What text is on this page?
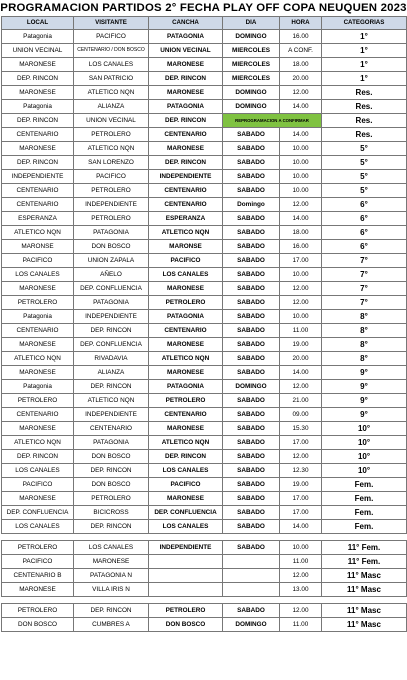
PROGRAMACION PARTIDOS 2° FECHA PLAY OFF COPA NEUQUEN 2023
LOCAL	VISITANTE	CANCHA	DIA	HORA	CATEGORIAS
Patagonia	PACIFICO	PATAGONIA	DOMINGO	16.00	1°
UNION VECINAL	CENTENARIO / DON BOSCO	UNION VECINAL	MIERCOLES	A CONF.	1°
MARONESE	LOS CANALES	MARONESE	MIERCOLES	18.00	1°
DEP. RINCON	SAN PATRICIO	DEP. RINCON	MIERCOLES	20.00	1°
MARONESE	ATLETICO NQN	MARONESE	DOMINGO	12.00	Res.
Patagonia	ALIANZA	PATAGONIA	DOMINGO	14.00	Res.
DEP. RINCON	UNION VECINAL	DEP. RINCON	REPROGRAMACION A CONFIRMAR		Res.
CENTENARIO	PETROLERO	CENTENARIO	SABADO	14.00	Res.
MARONESE	ATLETICO NQN	MARONESE	SABADO	10.00	5°
DEP. RINCON	SAN LORENZO	DEP. RINCON	SABADO	10.00	5°
INDEPENDIENTE	PACIFICO	INDEPENDIENTE	SABADO	10.00	5°
CENTENARIO	PETROLERO	CENTENARIO	SABADO	10.00	5°
CENTENARIO	INDEPENDIENTE	CENTENARIO	Domingo	12.00	6°
ESPERANZA	PETROLERO	ESPERANZA	SABADO	14.00	6°
ATLETICO NQN	PATAGONIA	ATLETICO NQN	SABADO	18.00	6°
MARONSE	DON BOSCO	MARONSE	SABADO	16.00	6°
PACIFICO	UNION ZAPALA	PACIFICO	SABADO	17.00	7°
LOS CANALES	AÑELO	LOS CANALES	SABADO	10.00	7°
MARONESE	DEP. CONFLUENCIA	MARONESE	SABADO	12.00	7°
PETROLERO	PATAGONIA	PETROLERO	SABADO	12.00	7°
Patagonia	INDEPENDIENTE	PATAGONIA	SABADO	10.00	8°
CENTENARIO	DEP. RINCON	CENTENARIO	SABADO	11.00	8°
MARONESE	DEP. CONFLUENCIA	MARONESE	SABADO	19.00	8°
ATLETICO NQN	RIVADAVIA	ATLETICO NQN	SABADO	20.00	8°
MARONESE	ALIANZA	MARONESE	SABADO	14.00	9°
Patagonia	DEP. RINCON	PATAGONIA	DOMINGO	12.00	9°
PETROLERO	ATLETICO NQN	PETROLERO	SABADO	21.00	9°
CENTENARIO	INDEPENDIENTE	CENTENARIO	SABADO	09.00	9°
MARONESE	CENTENARIO	MARONESE	SABADO	15.30	10°
ATLETICO NQN	PATAGONIA	ATLETICO NQN	SABADO	17.00	10°
DEP. RINCON	DON BOSCO	DEP. RINCON	SABADO	12.00	10°
LOS CANALES	DEP. RINCON	LOS CANALES	SABADO	12.30	10°
PACIFICO	DON BOSCO	PACIFICO	SABADO	19.00	Fem.
MARONESE	PETROLERO	MARONESE	SABADO	17.00	Fem.
DEP. CONFLUENCIA	BICICROSS	DEP. CONFLUENCIA	SABADO	17.00	Fem.
LOS CANALES	DEP. RINCON	LOS CANALES	SABADO	14.00	Fem.

PETROLERO	LOS CANALES	INDEPENDIENTE	SABADO	10.00	11° Fem.
PACIFICO	MARONESE			11.00	11° Fem.
CENTENARIO B	PATAGONIA N			12.00	11° Masc
MARONESE	VILLA IRIS N			13.00	11° Masc

PETROLERO	DEP. RINCON	PETROLERO	SABADO	12.00	11° Masc
DON BOSCO	CUMBRES A	DON BOSCO	DOMINGO	11.00	11° Masc
